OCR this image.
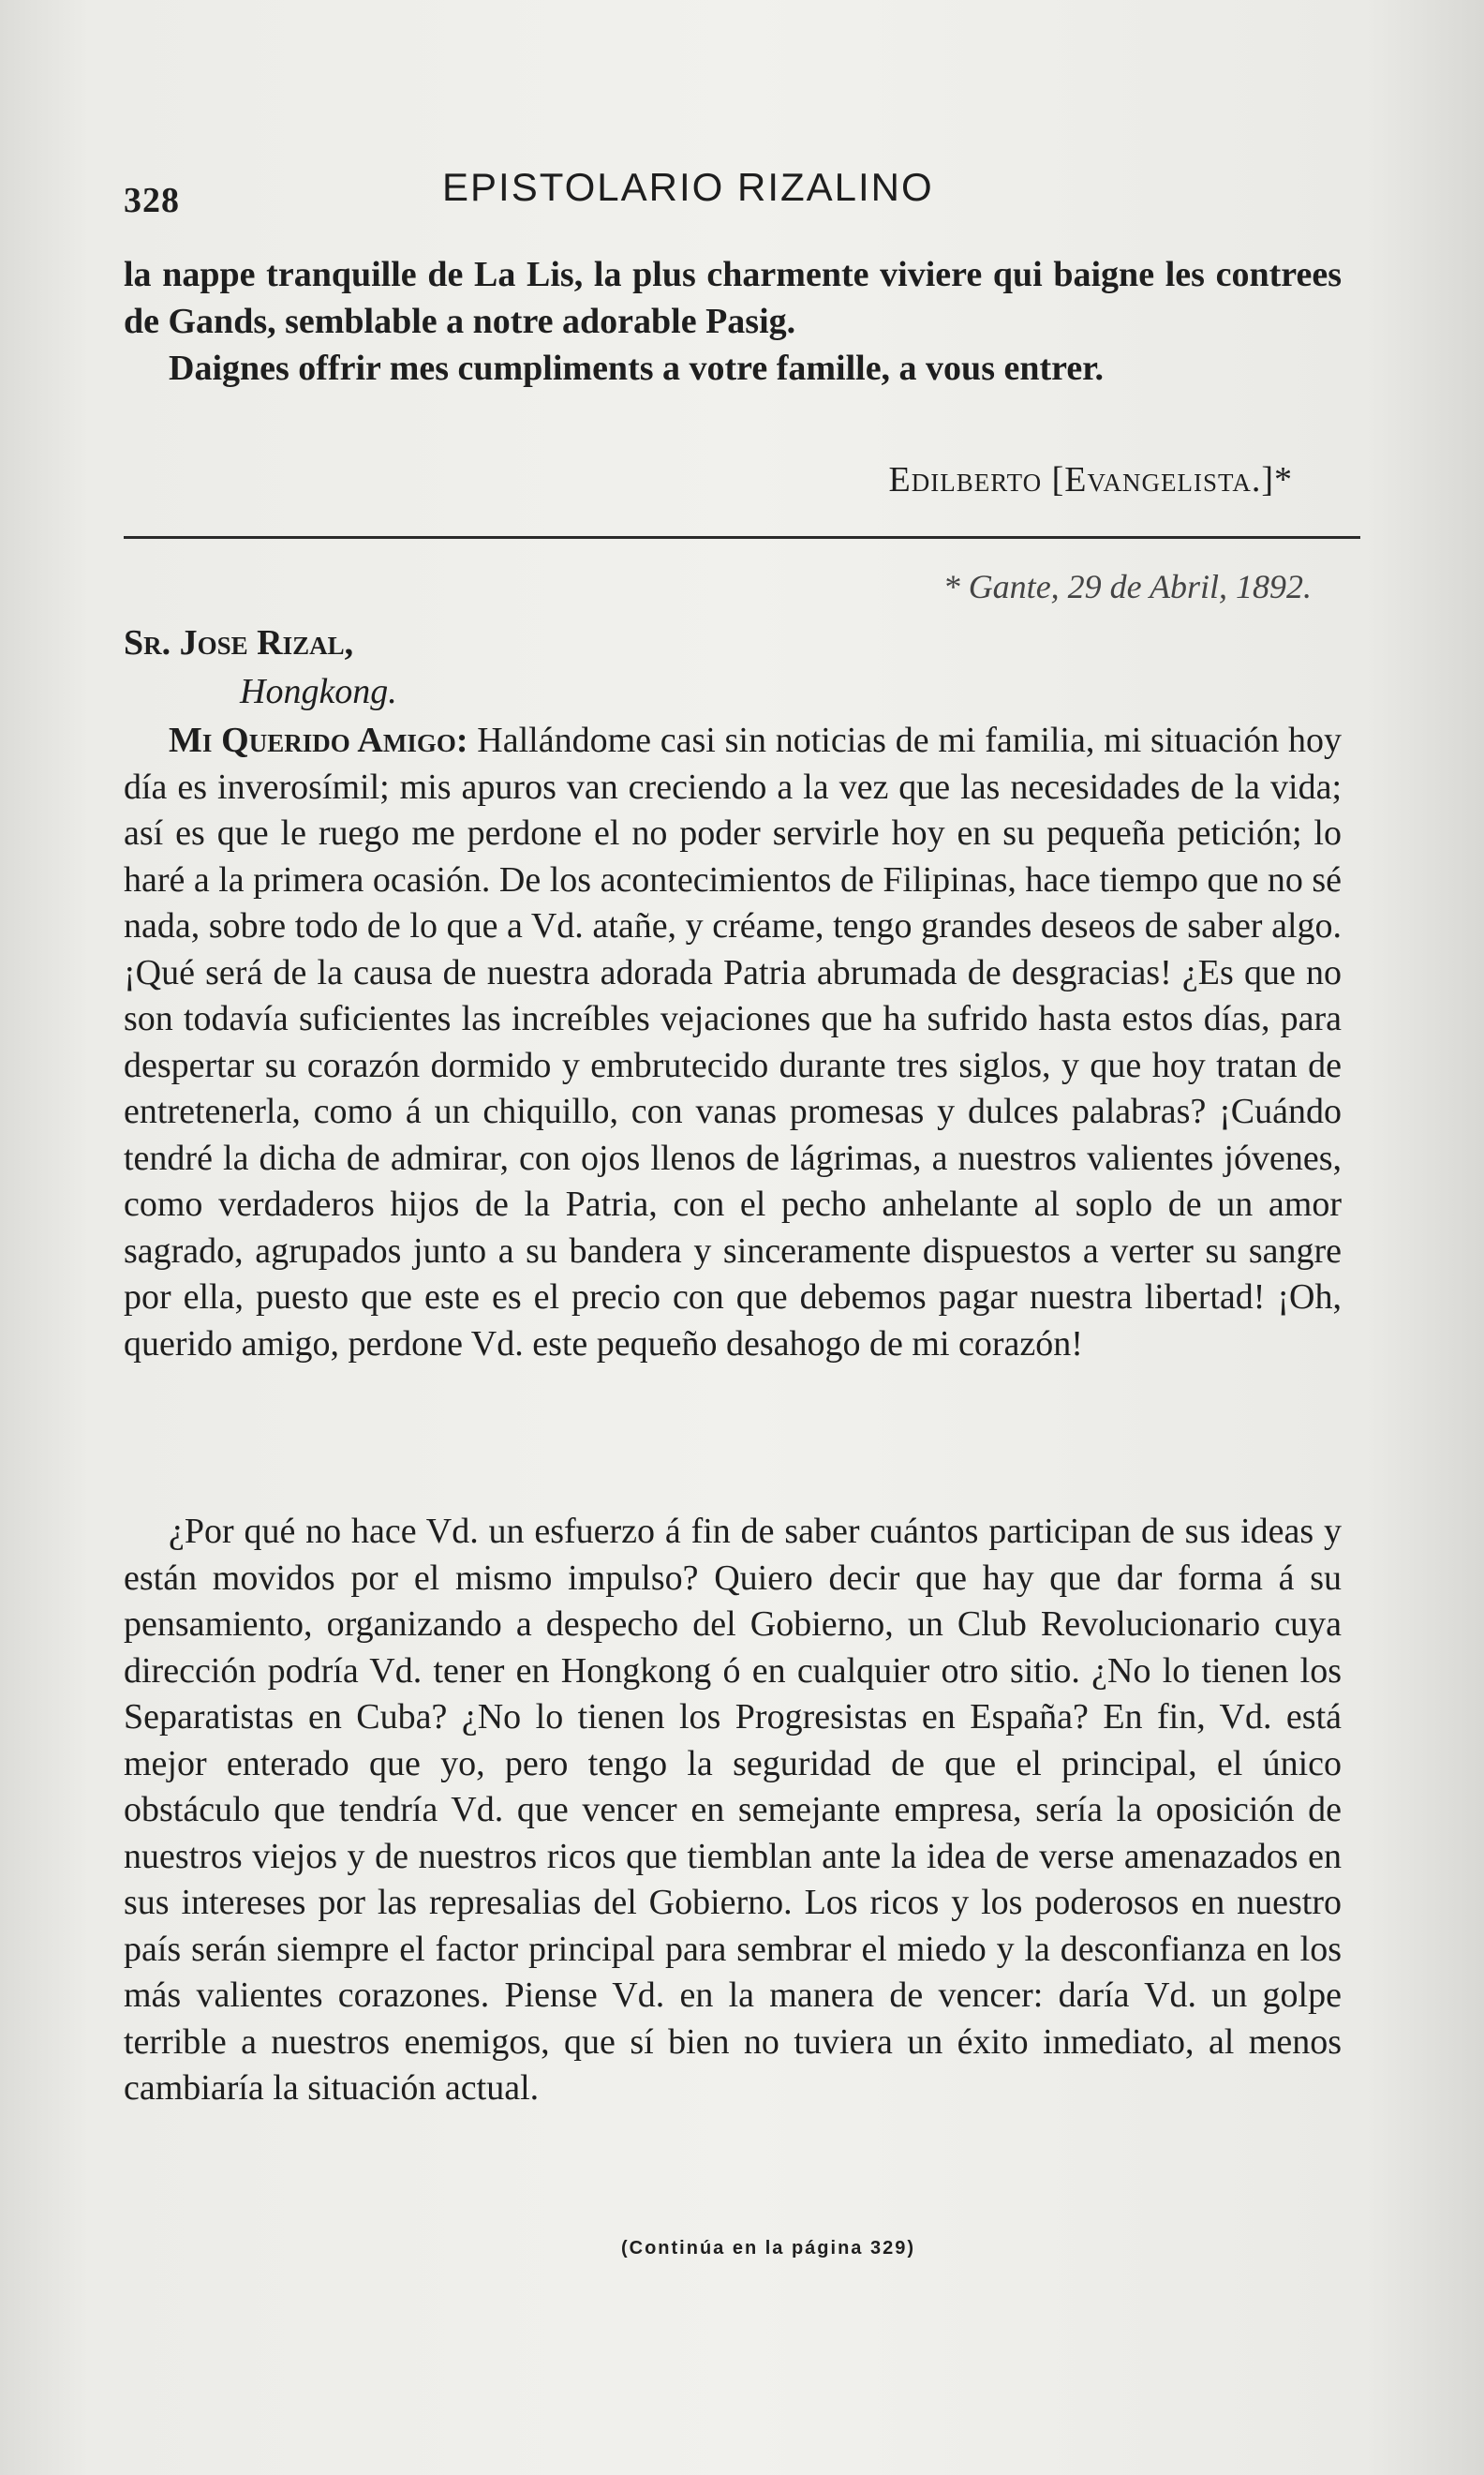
328	EPISTOLARIO RIZALINO

la nappe tranquille de La Lis, la plus charmente viviere qui baigne les contrees de Gands, semblable a notre adorable Pasig.

Daignes offrir mes cumpliments a votre famille, a vous entrer.

Edilberto [Evangelista.]*
* Gante, 29 de Abril, 1892.
Sr. Jose Rizal,
Hongkong.

Mi Querido Amigo: Hallándome casi sin noticias de mi familia, mi situación hoy día es inverosímil; mis apuros van creciendo a la vez que las necesidades de la vida; así es que le ruego me perdone el no poder servirle hoy en su pequeña petición; lo haré a la primera ocasión. De los acontecimientos de Filipinas, hace tiempo que no sé nada, sobre todo de lo que a Vd. atañe, y créame, tengo grandes deseos de saber algo. ¡Qué será de la causa de nuestra adorada Patria abrumada de desgracias! ¿Es que no son todavía suficientes las increíbles vejaciones que ha sufrido hasta estos días, para despertar su corazón dormido y embrutecido durante tres siglos, y que hoy tratan de entretenerla, como á un chiquillo, con vanas promesas y dulces palabras? ¡Cuándo tendré la dicha de admirar, con ojos llenos de lágrimas, a nuestros valientes jóvenes, como verdaderos hijos de la Patria, con el pecho anhelante al soplo de un amor sagrado, agrupados junto a su bandera y sinceramente dispuestos a verter su sangre por ella, puesto que este es el precio con que debemos pagar nuestra libertad! ¡Oh, querido amigo, perdone Vd. este pequeño desahogo de mi corazón!

¿Por qué no hace Vd. un esfuerzo á fin de saber cuántos participan de sus ideas y están movidos por el mismo impulso? Quiero decir que hay que dar forma á su pensamiento, organizando a despecho del Gobierno, un Club Revolucionario cuya dirección podría Vd. tener en Hongkong ó en cualquier otro sitio. ¿No lo tienen los Separatistas en Cuba? ¿No lo tienen los Progresistas en España? En fin, Vd. está mejor enterado que yo, pero tengo la seguridad de que el principal, el único obstáculo que tendría Vd. que vencer en semejante empresa, sería la oposición de nuestros viejos y de nuestros ricos que tiemblan ante la idea de verse amenazados en sus intereses por las represalias del Gobierno. Los ricos y los poderosos en nuestro país serán siempre el factor principal para sembrar el miedo y la desconfianza en los más valientes corazones. Piense Vd. en la manera de vencer: daría Vd. un golpe terrible a nuestros enemigos, que sí bien no tuviera un éxito inmediato, al menos cambiaría la situación actual.

(Continúa en la página 329)
